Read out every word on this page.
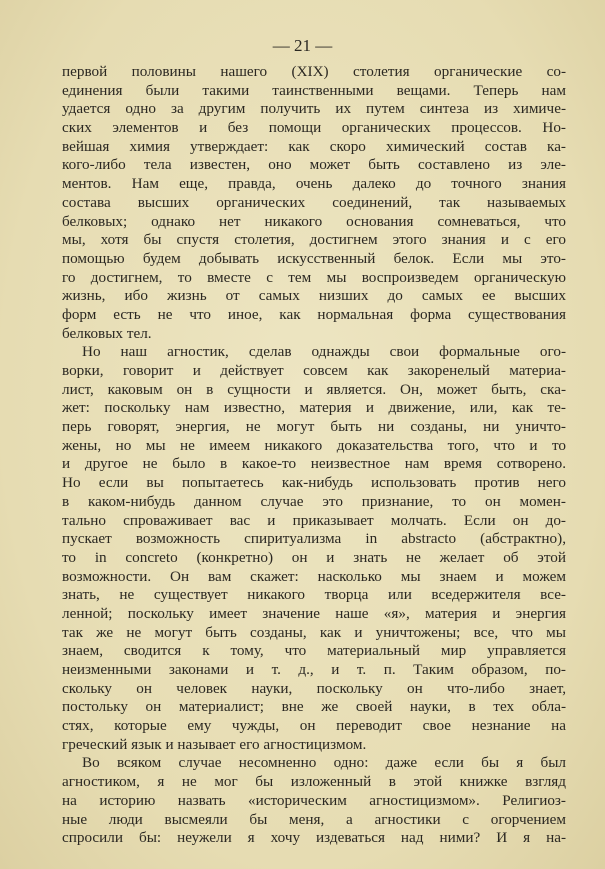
— 21 —
первой половины нашего (XIX) столетия органические со-
единения были такими таинственными вещами. Теперь нам
удается одно за другим получить их путем синтеза из химиче-
ских элементов и без помощи органических процессов. Но-
вейшая химия утверждает: как скоро химический состав ка-
кого-либо тела известен, оно может быть составлено из эле-
ментов. Нам еще, правда, очень далеко до точного знания
состава высших органических соединений, так называемых
белковых; однако нет никакого основания сомневаться, что
мы, хотя бы спустя столетия, достигнем этого знания и с его
помощью будем добывать искусственный белок. Если мы это-
го достигнем, то вместе с тем мы воспроизведем органическую
жизнь, ибо жизнь от самых низших до самых ее высших
форм есть не что иное, как нормальная форма существования
белковых тел.
Но наш агностик, сделав однажды свои формальные ого-
ворки, говорит и действует совсем как закоренелый материа-
лист, каковым он в сущности и является. Он, может быть, ска-
жет: поскольку нам известно, материя и движение, или, как те-
перь говорят, энергия, не могут быть ни созданы, ни уничто-
жены, но мы не имеем никакого доказательства того, что и то
и другое не было в какое-то неизвестное нам время сотворено.
Но если вы попытаетесь как-нибудь использовать против него
в каком-нибудь данном случае это признание, то он момен-
тально спроваживает вас и приказывает молчать. Если он до-
пускает возможность спиритуализма in abstracto (абстрактно),
то in concreto (конкретно) он и знать не желает об этой
возможности. Он вам скажет: насколько мы знаем и можем
знать, не существует никакого творца или вседержителя все-
ленной; поскольку имеет значение наше «я», материя и энергия
так же не могут быть созданы, как и уничтожены; все, что мы
знаем, сводится к тому, что материальный мир управляется
неизменными законами и т. д., и т. п. Таким образом, по-
скольку он человек науки, поскольку он что-либо знает,
постольку он материалист; вне же своей науки, в тех обла-
стях, которые ему чужды, он переводит свое незнание на
греческий язык и называет его агностицизмом.
Во всяком случае несомненно одно: даже если бы я был
агностиком, я не мог бы изложенный в этой книжке взгляд
на историю назвать «историческим агностицизмом». Религиоз-
ные люди высмеяли бы меня, а агностики с огорчением
спросили бы: неужели я хочу издеваться над ними? И я на-
